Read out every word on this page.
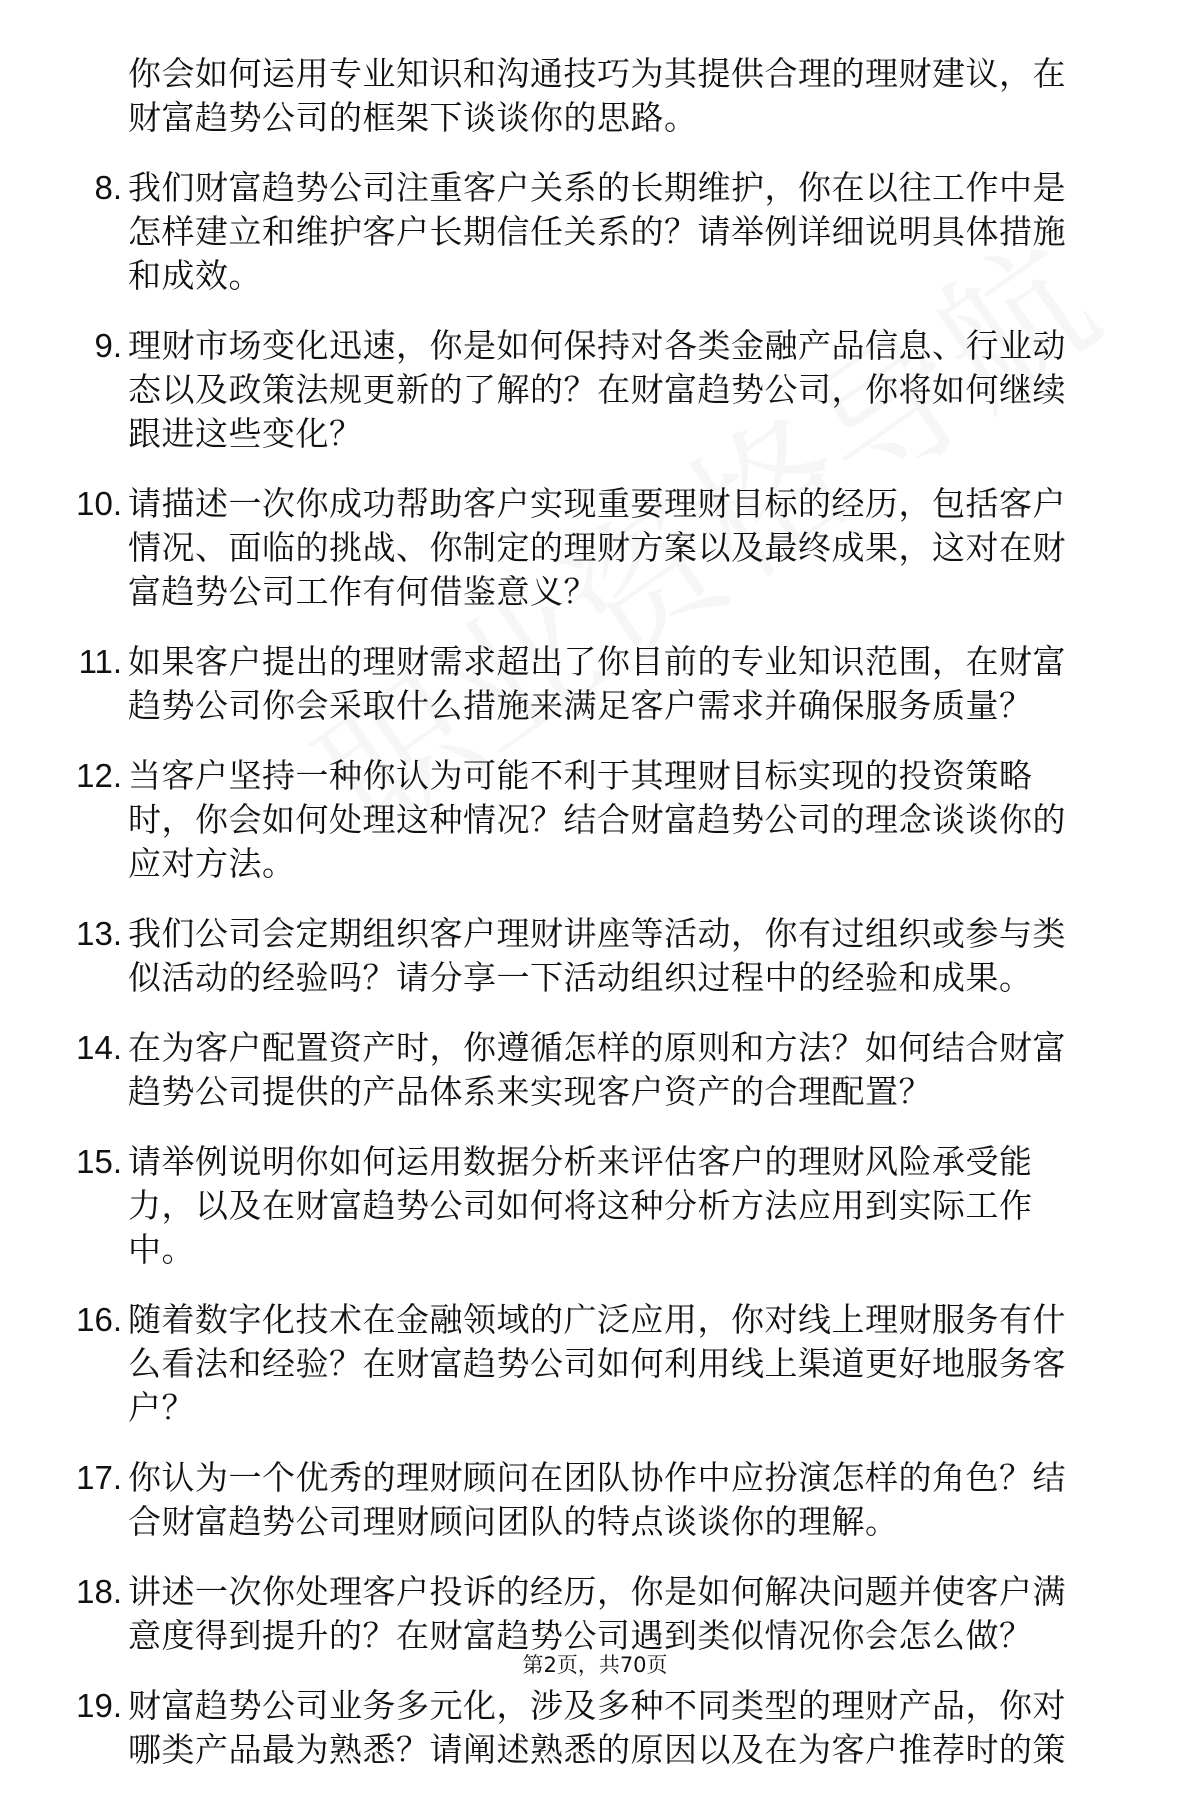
你会如何运用专业知识和沟通技巧为其提供合理的理财建议，在
财富趋势公司的框架下谈谈你的思路。
8. 我们财富趋势公司注重客户关系的长期维护，你在以往工作中是
怎样建立和维护客户长期信任关系的？请举例详细说明具体措施
和成效。
9. 理财市场变化迅速，你是如何保持对各类金融产品信息、行业动
态以及政策法规更新的了解的？在财富趋势公司，你将如何继续
跟进这些变化？
10. 请描述一次你成功帮助客户实现重要理财目标的经历，包括客户
情况、面临的挑战、你制定的理财方案以及最终成果，这对在财
富趋势公司工作有何借鉴意义？
11. 如果客户提出的理财需求超出了你目前的专业知识范围，在财富
趋势公司你会采取什么措施来满足客户需求并确保服务质量？
12. 当客户坚持一种你认为可能不利于其理财目标实现的投资策略
时，你会如何处理这种情况？结合财富趋势公司的理念谈谈你的
应对方法。
13. 我们公司会定期组织客户理财讲座等活动，你有过组织或参与类
似活动的经验吗？请分享一下活动组织过程中的经验和成果。
14. 在为客户配置资产时，你遵循怎样的原则和方法？如何结合财富
趋势公司提供的产品体系来实现客户资产的合理配置？
15. 请举例说明你如何运用数据分析来评估客户的理财风险承受能
力，以及在财富趋势公司如何将这种分析方法应用到实际工作
中。
16. 随着数字化技术在金融领域的广泛应用，你对线上理财服务有什
么看法和经验？在财富趋势公司如何利用线上渠道更好地服务客
户？
17. 你认为一个优秀的理财顾问在团队协作中应扮演怎样的角色？结
合财富趋势公司理财顾问团队的特点谈谈你的理解。
18. 讲述一次你处理客户投诉的经历，你是如何解决问题并使客户满
意度得到提升的？在财富趋势公司遇到类似情况你会怎么做？
19. 财富趋势公司业务多元化，涉及多种不同类型的理财产品，你对
哪类产品最为熟悉？请阐述熟悉的原因以及在为客户推荐时的策
第2页，共70页
